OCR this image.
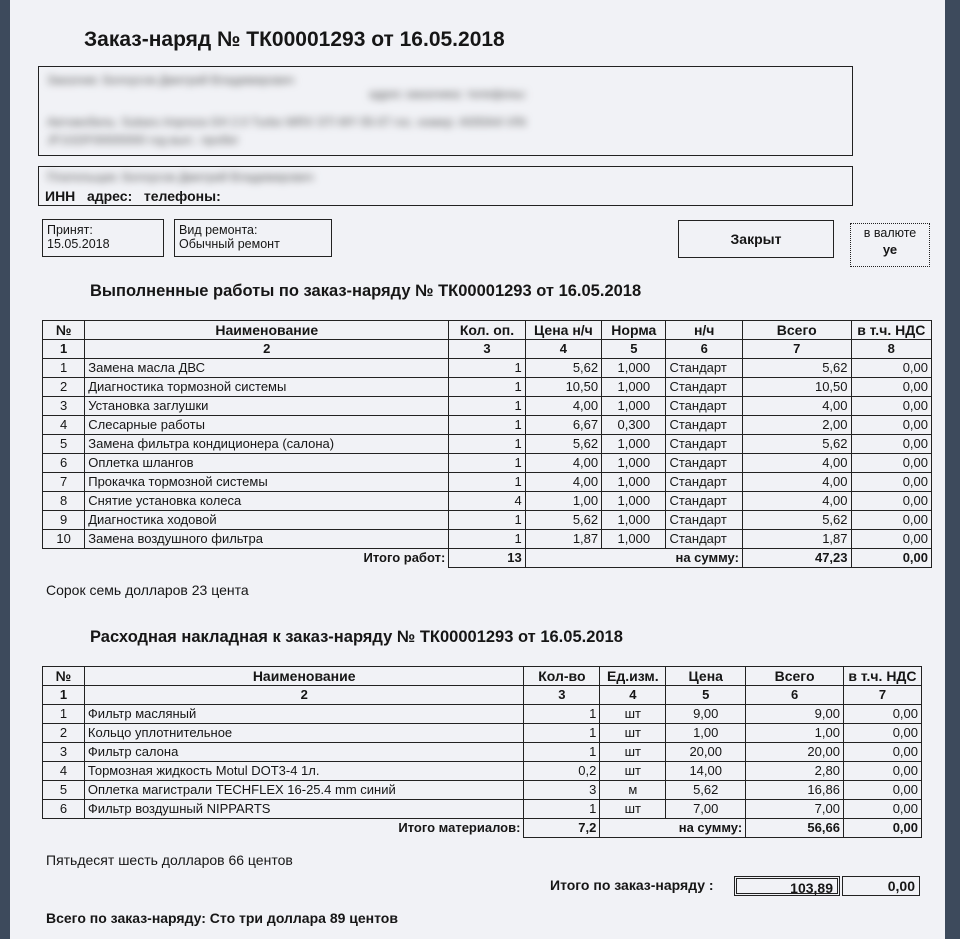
Заказ-наряд № ТК00001293 от 16.05.2018
Заказчик: Белоусов Дмитрий Владимирович
адрес заказчика: телефоны:
Автомобиль: Subaru Impreza GH 2.0 Turbo WRX STI MY 05-07 гос. номер: A000AA VIN
JF1GDF00000000 год вып.: пробег
Плательщик: Белоусов Дмитрий Владимирович
ИНН   адрес:   телефоны:
Принят:
15.05.2018
Вид ремонта:
Обычный ремонт	Закрыт	в валюте
уе
Выполненные работы по заказ-наряду № ТК00001293 от 16.05.2018
№	Наименование	Кол. оп.	Цена н/ч	Норма	н/ч	Всего	в т.ч. НДС
1	2	3	4	5	6	7	8
1	Замена масла ДВС	1	5,62	1,000	Стандарт	5,62	0,00
2	Диагностика тормозной системы	1	10,50	1,000	Стандарт	10,50	0,00
3	Установка заглушки	1	4,00	1,000	Стандарт	4,00	0,00
4	Слесарные работы	1	6,67	0,300	Стандарт	2,00	0,00
5	Замена фильтра кондиционера (салона)	1	5,62	1,000	Стандарт	5,62	0,00
6	Оплетка шлангов	1	4,00	1,000	Стандарт	4,00	0,00
7	Прокачка тормозной системы	1	4,00	1,000	Стандарт	4,00	0,00
8	Снятие установка колеса	4	1,00	1,000	Стандарт	4,00	0,00
9	Диагностика ходовой	1	5,62	1,000	Стандарт	5,62	0,00
10	Замена воздушного фильтра	1	1,87	1,000	Стандарт	1,87	0,00
	Итого работ:	13	на сумму:			47,23	0,00
Сорок семь долларов 23 цента
Расходная накладная к заказ-наряду № ТК00001293 от 16.05.2018
№	Наименование	Кол-во	Ед.изм.	Цена	Всего	в т.ч. НДС
1	2	3	4	5	6	7
1	Фильтр масляный	1	шт	9,00	9,00	0,00
2	Кольцо уплотнительное	1	шт	1,00	1,00	0,00
3	Фильтр салона	1	шт	20,00	20,00	0,00
4	Тормозная жидкость Motul DOT3-4 1л.	0,2	шт	14,00	2,80	0,00
5	Оплетка магистрали TECHFLEX 16-25.4 mm синий	3	м	5,62	16,86	0,00
6	Фильтр воздушный NIPPARTS	1	шт	7,00	7,00	0,00
	Итого материалов:	7,2	на сумму:		56,66	0,00
Пятьдесят шесть долларов 66 центов
Итого по заказ-наряду :	103,89	0,00
Всего по заказ-наряду: Сто три доллара 89 центов
